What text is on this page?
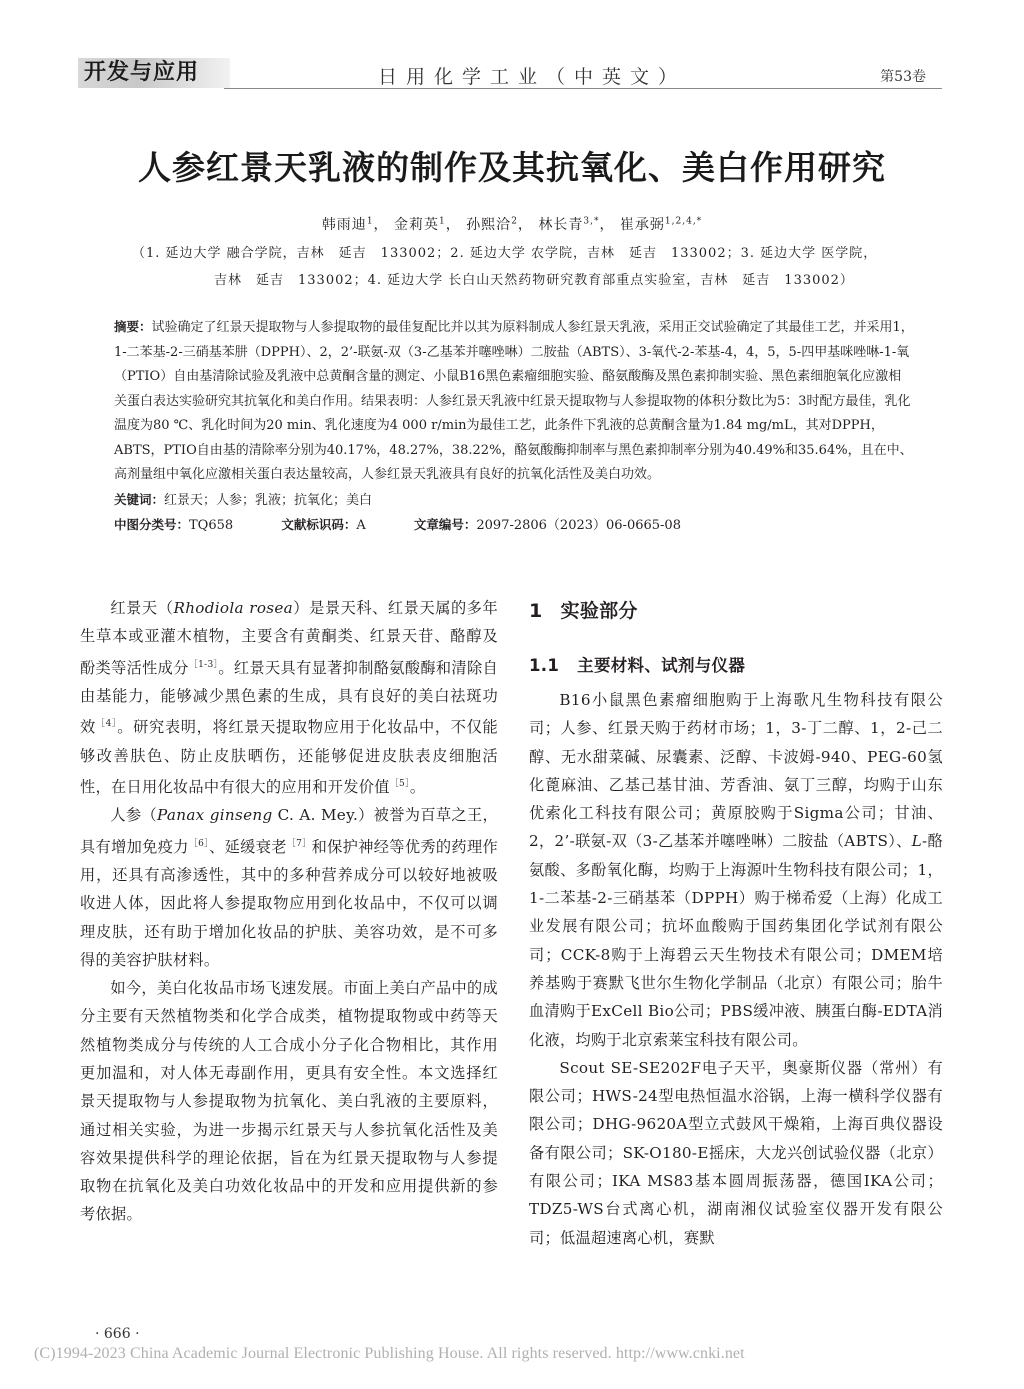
开发与应用	日用化学工业（中英文）	第53卷
人参红景天乳液的制作及其抗氧化、美白作用研究
韩雨迪$^1$， 金莉英$^1$， 孙熙洽$^2$， 林长青$^{3,*}$， 崔承弼$^{1,2,4,*}$
（1. 延边大学 融合学院，吉林　延吉　133002；2. 延边大学 农学院，吉林　延吉　133002；3. 延边大学 医学院，
吉林　延吉　133002；4. 延边大学 长白山天然药物研究教育部重点实验室，吉林　延吉　133002）
摘要：试验确定了红景天提取物与人参提取物的最佳复配比并以其为原料制成人参红景天乳液，采用正交试验确定了其最佳工艺，并采用1，1-二苯基-2-三硝基苯肼（DPPH）、2，2’-联氨-双（3-乙基苯并噻唑啉）二胺盐（ABTS）、3-氧代-2-苯基-4，4，5，5-四甲基咪唑啉-1-氧（PTIO）自由基清除试验及乳液中总黄酮含量的测定、小鼠B16黑色素瘤细胞实验、酪氨酸酶及黑色素抑制实验、黑色素细胞氧化应激相关蛋白表达实验研究其抗氧化和美白作用。结果表明：人参红景天乳液中红景天提取物与人参提取物的体积分数比为5：3时配方最佳，乳化温度为80 ℃、乳化时间为20 min、乳化速度为4 000 r/min为最佳工艺，此条件下乳液的总黄酮含量为1.84 mg/mL，其对DPPH，ABTS，PTIO自由基的清除率分别为40.17%，48.27%，38.22%，酪氨酸酶抑制率与黑色素抑制率分别为40.49%和35.64%，且在中、高剂量组中氧化应激相关蛋白表达量较高，人参红景天乳液具有良好的抗氧化活性及美白功效。
关键词：红景天；人参；乳液；抗氧化；美白
中图分类号：TQ658	文献标识码：A	文章编号：2097-2806（2023）06-0665-08

红景天（Rhodiola rosea）是景天科、红景天属的多年生草本或亚灌木植物，主要含有黄酮类、红景天苷、酪醇及酚类等活性成分$^{[1-3]}$。红景天具有显著抑制酪氨酸酶和清除自由基能力，能够减少黑色素的生成，具有良好的美白祛斑功效$^{[4]}$。研究表明，将红景天提取物应用于化妆品中，不仅能够改善肤色、防止皮肤晒伤，还能够促进皮肤表皮细胞活性，在日用化妆品中有很大的应用和开发价值$^{[5]}$。

人参（Panax ginseng C. A. Mey.）被誉为百草之王，具有增加免疫力$^{[6]}$、延缓衰老$^{[7]}$和保护神经等优秀的药理作用，还具有高渗透性，其中的多种营养成分可以较好地被吸收进人体，因此将人参提取物应用到化妆品中，不仅可以调理皮肤，还有助于增加化妆品的护肤、美容功效，是不可多得的美容护肤材料。

如今，美白化妆品市场飞速发展。市面上美白产品中的成分主要有天然植物类和化学合成类，植物提取物或中药等天然植物类成分与传统的人工合成小分子化合物相比，其作用更加温和，对人体无毒副作用，更具有安全性。本文选择红景天提取物与人参提取物为抗氧化、美白乳液的主要原料，通过相关实验，为进一步揭示红景天与人参抗氧化活性及美容效果提供科学的理论依据，旨在为红景天提取物与人参提取物在抗氧化及美白功效化妆品中的开发和应用提供新的参考依据。

1 实验部分
1.1 主要材料、试剂与仪器

B16小鼠黑色素瘤细胞购于上海歌凡生物科技有限公司；人参、红景天购于药材市场；1，3-丁二醇、1，2-己二醇、无水甜菜碱、尿囊素、泛醇、卡波姆-940、PEG-60氢化蓖麻油、乙基己基甘油、芳香油、氨丁三醇，均购于山东优索化工科技有限公司；黄原胶购于Sigma公司；甘油、2，2’-联氨-双（3-乙基苯并噻唑啉）二胺盐（ABTS）、L-酪氨酸、多酚氧化酶，均购于上海源叶生物科技有限公司；1，1-二苯基-2-三硝基苯（DPPH）购于梯希爱（上海）化成工业发展有限公司；抗坏血酸购于国药集团化学试剂有限公司；CCK-8购于上海碧云天生物技术有限公司；DMEM培养基购于赛默飞世尔生物化学制品（北京）有限公司；胎牛血清购于ExCell Bio公司；PBS缓冲液、胰蛋白酶-EDTA消化液，均购于北京索莱宝科技有限公司。

Scout SE-SE202F电子天平，奥豪斯仪器（常州）有限公司；HWS-24型电热恒温水浴锅，上海一横科学仪器有限公司；DHG-9620A型立式鼓风干燥箱，上海百典仪器设备有限公司；SK-O180-E摇床，大龙兴创试验仪器（北京）有限公司；IKA MS83基本圆周振荡器，德国IKA公司；TDZ5-WS台式离心机，湖南湘仪试验室仪器开发有限公司；低温超速离心机，赛默

· 666 ·
(C)1994-2023 China Academic Journal Electronic Publishing House. All rights reserved. http://www.cnki.net
